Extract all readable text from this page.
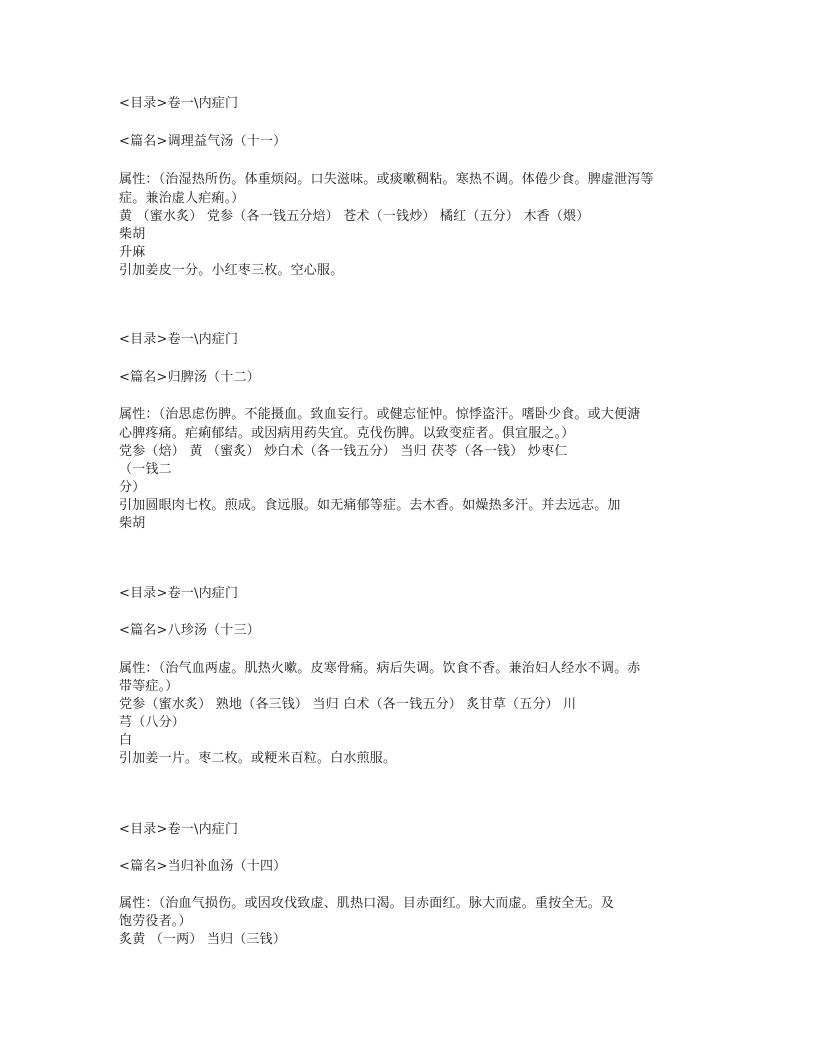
<目录>卷一\内症门
<篇名>调理益气汤（十一）
属性：（治湿热所伤。体重烦闷。口失滋味。或痰嗽稠粘。寒热不调。体倦少食。脾虚泄泻等
症。兼治虚人疟痢。）
黄 （蜜水炙） 党参（各一钱五分焙） 苍术（一钱炒） 橘红（五分） 木香（煨）
柴胡
升麻
引加姜皮一分。小红枣三枚。空心服。
<目录>卷一\内症门
<篇名>归脾汤（十二）
属性：（治思虑伤脾。不能摄血。致血妄行。或健忘怔忡。惊悸盗汗。嗜卧少食。或大便溏
心脾疼痛。疟痢郁结。或因病用药失宜。克伐伤脾。以致变症者。俱宜服之。）
党参（焙） 黄 （蜜炙） 炒白术（各一钱五分） 当归 茯苓（各一钱） 炒枣仁
（一钱二
分）
引加圆眼肉七枚。煎成。食远服。如无痛郁等症。去木香。如燥热多汗。并去远志。加
柴胡
<目录>卷一\内症门
<篇名>八珍汤（十三）
属性：（治气血两虚。肌热火嗽。皮寒骨痛。病后失调。饮食不香。兼治妇人经水不调。赤
带等症。）
党参（蜜水炙） 熟地（各三钱） 当归 白术（各一钱五分） 炙甘草（五分） 川
芎（八分）
白
引加姜一片。枣二枚。或粳米百粒。白水煎服。
<目录>卷一\内症门
<篇名>当归补血汤（十四）
属性：（治血气损伤。或因攻伐致虚、肌热口渴。目赤面红。脉大而虚。重按全无。及
饱劳役者。）
炙黄 （一两） 当归（三钱）
